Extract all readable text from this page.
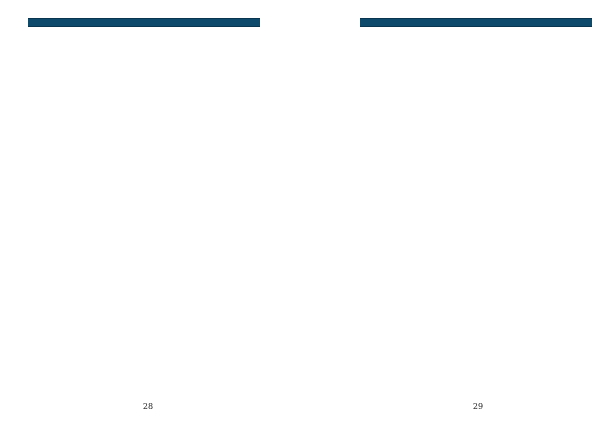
28	29
